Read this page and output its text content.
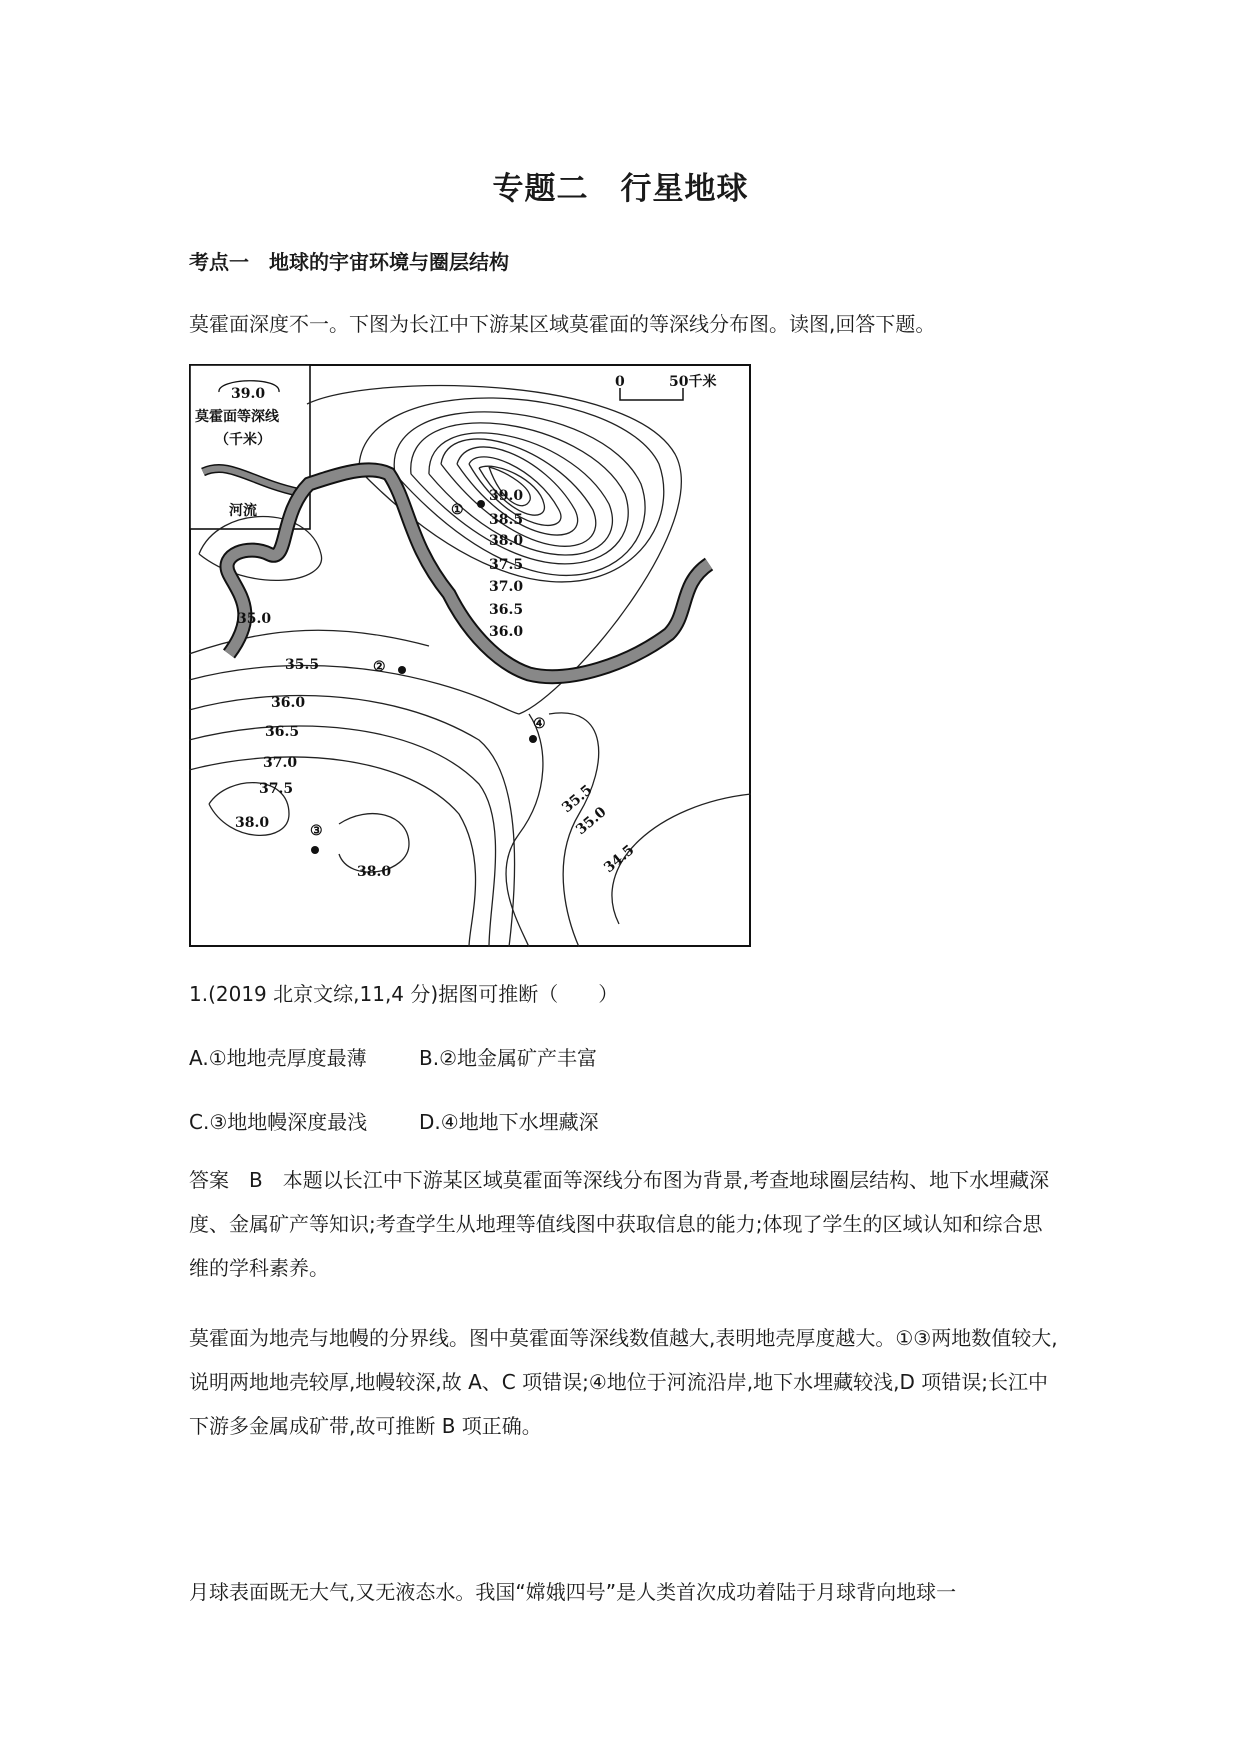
专题二　行星地球
考点一　地球的宇宙环境与圈层结构
莫霍面深度不一。下图为长江中下游某区域莫霍面的等深线分布图。读图,回答下题。
39.0
莫霍面等深线
（千米）
河流
0	50千米
39.0
38.5
38.0
37.5
37.0
36.5
36.0
35.0
35.5
36.0
36.5
37.0
37.5
38.0
38.0
35.5
35.0
34.5
①
②
③
④
1.(2019 北京文综,11,4 分)据图可推断（　　）
A.①地地壳厚度最薄	B.②地金属矿产丰富
C.③地地幔深度最浅	D.④地地下水埋藏深
答案　B　本题以长江中下游某区域莫霍面等深线分布图为背景,考查地球圈层结构、地下水埋藏深度、金属矿产等知识;考查学生从地理等值线图中获取信息的能力;体现了学生的区域认知和综合思维的学科素养。
莫霍面为地壳与地幔的分界线。图中莫霍面等深线数值越大,表明地壳厚度越大。①③两地数值较大,说明两地地壳较厚,地幔较深,故 A、C 项错误;④地位于河流沿岸,地下水埋藏较浅,D 项错误;长江中下游多金属成矿带,故可推断 B 项正确。
月球表面既无大气,又无液态水。我国“嫦娥四号”是人类首次成功着陆于月球背向地球一
